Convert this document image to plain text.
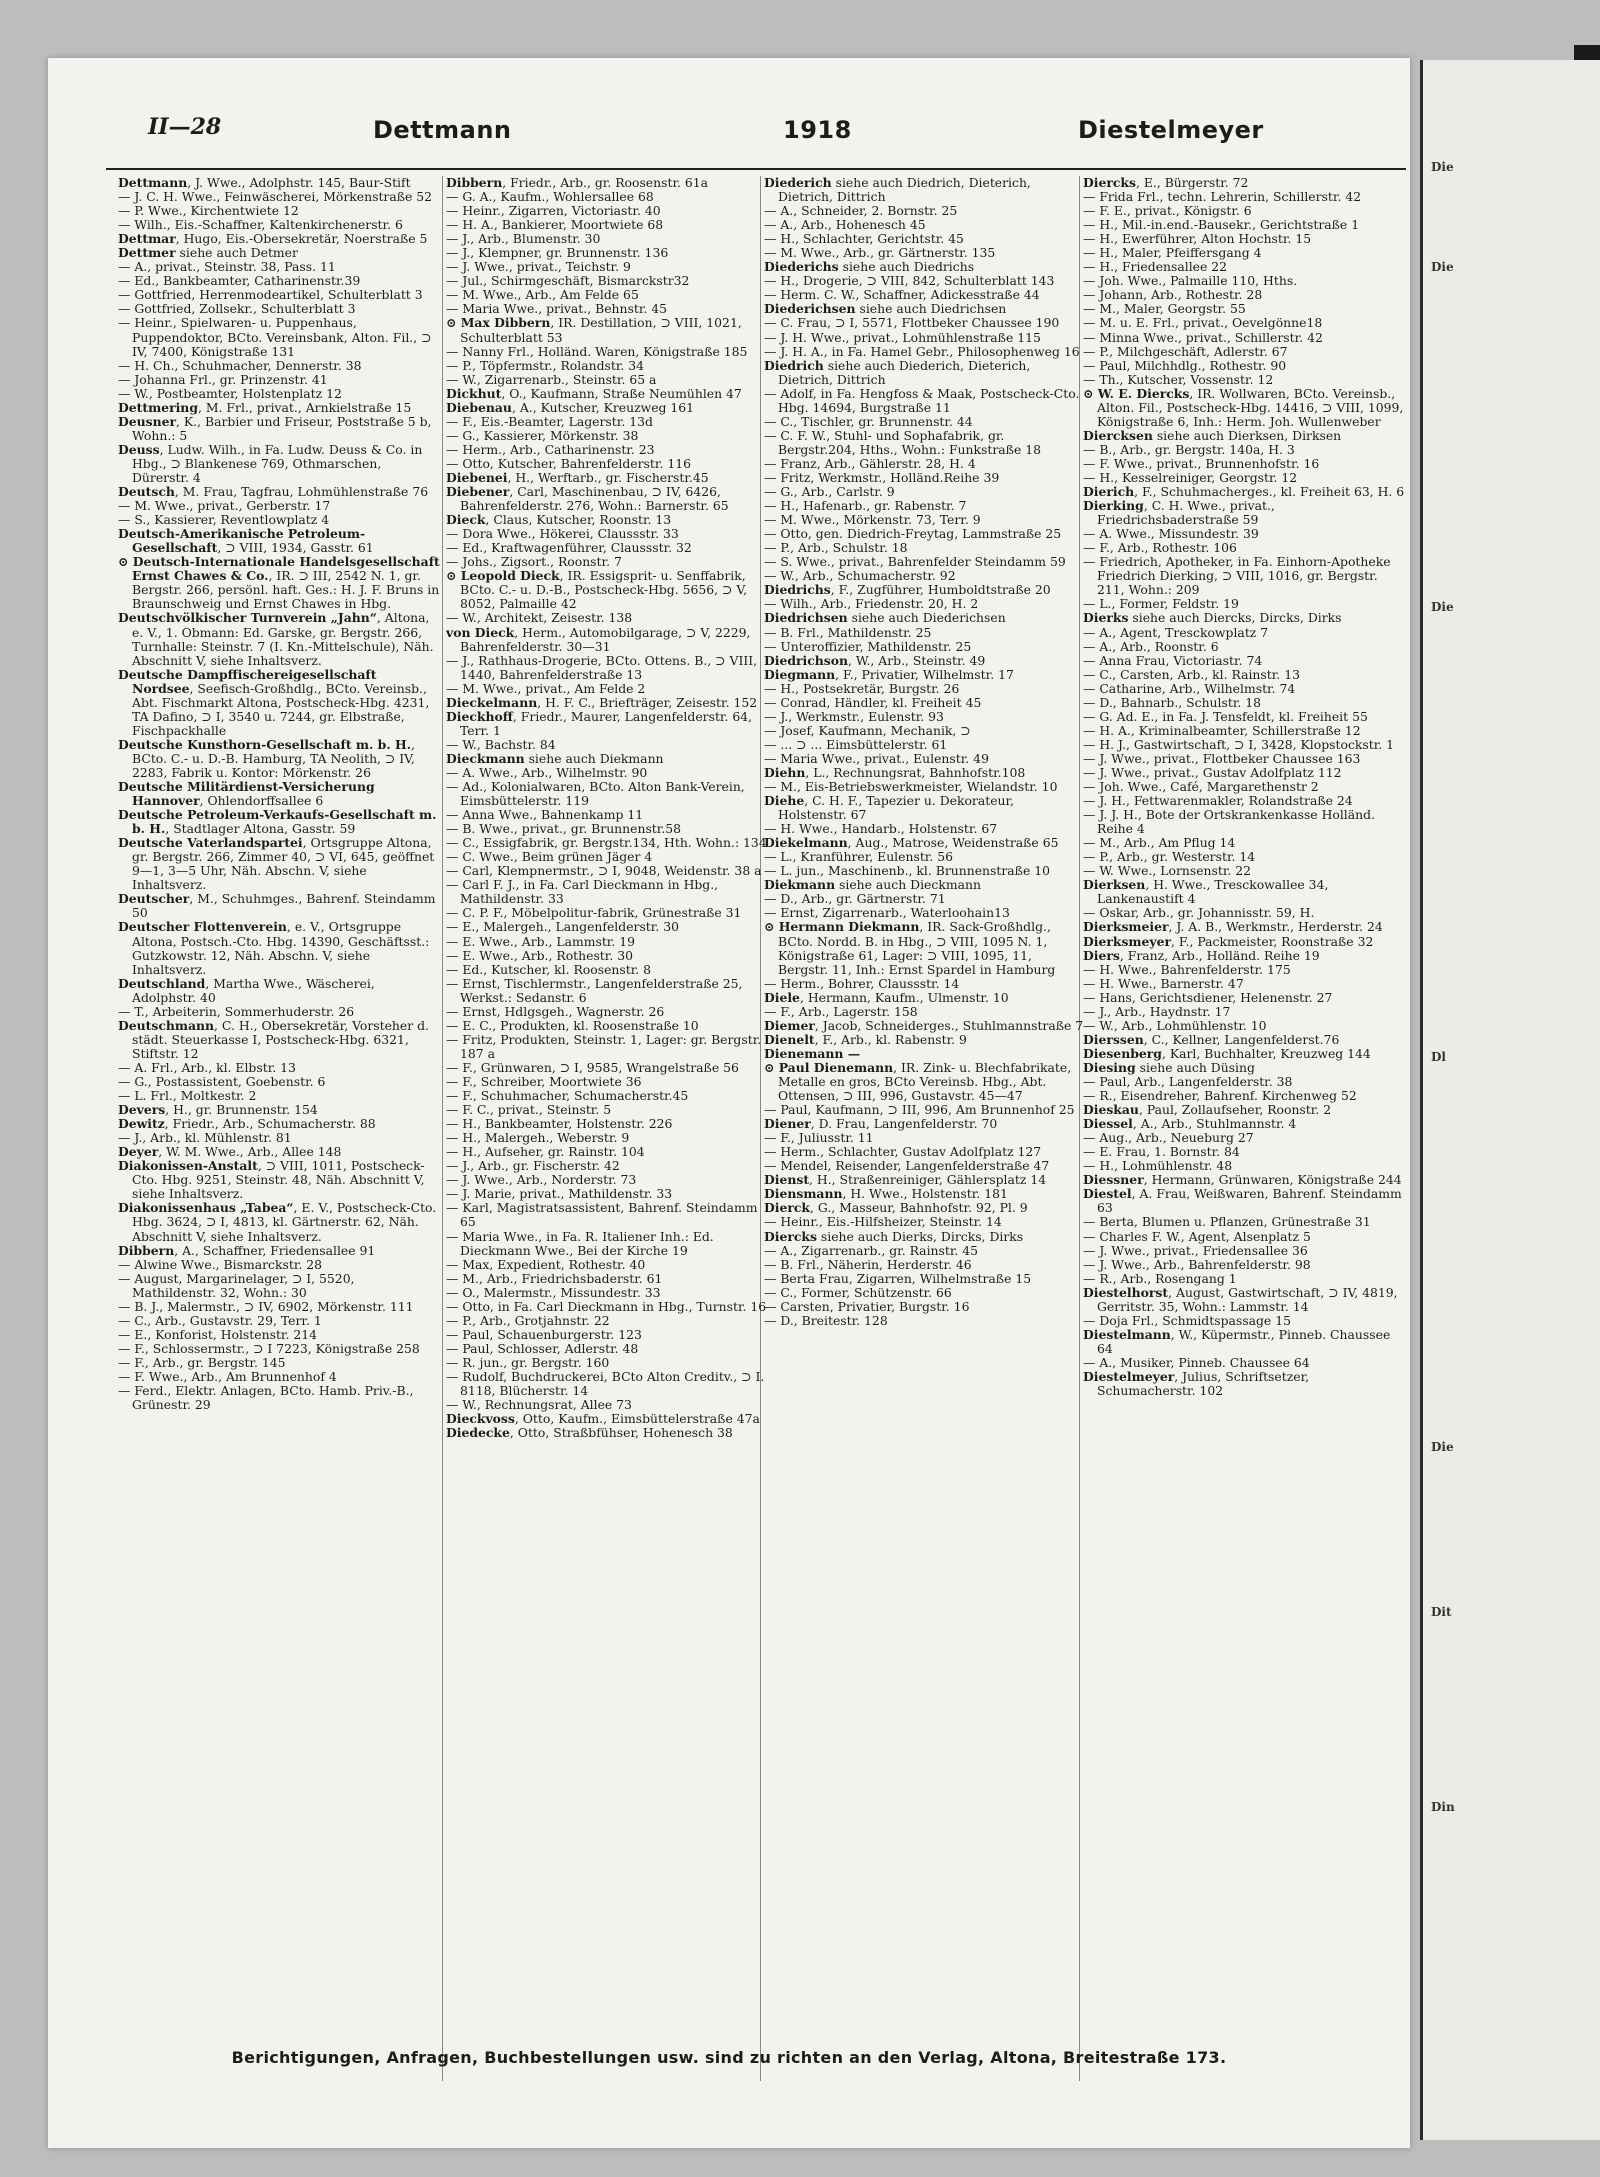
Die
Die
Die
Dl
Die
Dit
Din
II—28	Dettmann	1918	Diestelmeyer

Dettmann, J. Wwe., Adolphstr. 145, Baur-Stift

— J. C. H. Wwe., Feinwäscherei, Mörkenstraße 52

— P. Wwe., Kirchentwiete 12

— Wilh., Eis.-Schaffner, Kaltenkirchenerstr. 6

Dettmar, Hugo, Eis.-Obersekretär, Noerstraße 5

Dettmer siehe auch Detmer

— A., privat., Steinstr. 38, Pass. 11

— Ed., Bankbeamter, Catharinenstr.39

— Gottfried, Herrenmodeartikel, Schulterblatt 3

— Gottfried, Zollsekr., Schulterblatt 3

— Heinr., Spielwaren- u. Puppenhaus, Puppendoktor, BCto. Vereinsbank, Alton. Fil., ⊃ IV, 7400, Königstraße 131

— H. Ch., Schuhmacher, Dennerstr. 38

— Johanna Frl., gr. Prinzenstr. 41

— W., Postbeamter, Holstenplatz 12

Dettmering, M. Frl., privat., Arnkielstraße 15

Deusner, K., Barbier und Friseur, Poststraße 5 b, Wohn.: 5

Deuss, Ludw. Wilh., in Fa. Ludw. Deuss & Co. in Hbg., ⊃ Blankenese 769, Othmarschen, Dürerstr. 4

Deutsch, M. Frau, Tagfrau, Lohmühlenstraße 76

— M. Wwe., privat., Gerberstr. 17

— S., Kassierer, Reventlowplatz 4

Deutsch-Amerikanische Petroleum-Gesellschaft, ⊃ VIII, 1934, Gasstr. 61

⊙ Deutsch-Internationale Handelsgesellschaft Ernst Chawes & Co., IR. ⊃ III, 2542 N. 1, gr. Bergstr. 266, persönl. haft. Ges.: H. J. F. Bruns in Braunschweig und Ernst Chawes in Hbg.

Deutschvölkischer Turnverein „Jahn“, Altona, e. V., 1. Obmann: Ed. Garske, gr. Bergstr. 266, Turnhalle: Steinstr. 7 (I. Kn.-Mittelschule), Näh. Abschnitt V, siehe Inhaltsverz.

Deutsche Dampffischereigesellschaft Nordsee, Seefisch-Großhdlg., BCto. Vereinsb., Abt. Fischmarkt Altona, Postscheck-Hbg. 4231, TA Dafino, ⊃ I, 3540 u. 7244, gr. Elbstraße, Fischpackhalle

Deutsche Kunsthorn-Gesellschaft m. b. H., BCto. C.- u. D.-B. Hamburg, TA Neolith, ⊃ IV, 2283, Fabrik u. Kontor: Mörkenstr. 26

Deutsche Militärdienst-Versicherung Hannover, Ohlendorffsallee 6

Deutsche Petroleum-Verkaufs-Gesellschaft m. b. H., Stadtlager Altona, Gasstr. 59

Deutsche Vaterlandspartei, Ortsgruppe Altona, gr. Bergstr. 266, Zimmer 40, ⊃ VI, 645, geöffnet 9—1, 3—5 Uhr, Näh. Abschn. V, siehe Inhaltsverz.

Deutscher, M., Schuhmges., Bahrenf. Steindamm 50

Deutscher Flottenverein, e. V., Ortsgruppe Altona, Postsch.-Cto. Hbg. 14390, Geschäftsst.: Gutzkowstr. 12, Näh. Abschn. V, siehe Inhaltsverz.

Deutschland, Martha Wwe., Wäscherei, Adolphstr. 40

— T., Arbeiterin, Sommerhuderstr. 26

Deutschmann, C. H., Obersekretär, Vorsteher d. städt. Steuerkasse I, Postscheck-Hbg. 6321, Stiftstr. 12

— A. Frl., Arb., kl. Elbstr. 13

— G., Postassistent, Goebenstr. 6

— L. Frl., Moltkestr. 2

Devers, H., gr. Brunnenstr. 154

Dewitz, Friedr., Arb., Schumacherstr. 88

— J., Arb., kl. Mühlenstr. 81

Deyer, W. M. Wwe., Arb., Allee 148

Diakonissen-Anstalt, ⊃ VIII, 1011, Postscheck-Cto. Hbg. 9251, Steinstr. 48, Näh. Abschnitt V, siehe Inhaltsverz.

Diakonissenhaus „Tabea“, E. V., Postscheck-Cto. Hbg. 3624, ⊃ I, 4813, kl. Gärtnerstr. 62, Näh. Abschnitt V, siehe Inhaltsverz.

Dibbern, A., Schaffner, Friedensallee 91

— Alwine Wwe., Bismarckstr. 28

— August, Margarinelager, ⊃ I, 5520, Mathildenstr. 32, Wohn.: 30

— B. J., Malermstr., ⊃ IV, 6902, Mörkenstr. 111

— C., Arb., Gustavstr. 29, Terr. 1

— E., Konforist, Holstenstr. 214

— F., Schlossermstr., ⊃ I 7223, Königstraße 258

— F., Arb., gr. Bergstr. 145

— F. Wwe., Arb., Am Brunnenhof 4

— Ferd., Elektr. Anlagen, BCto. Hamb. Priv.-B., Grünestr. 29

Dibbern, Friedr., Arb., gr. Roosenstr. 61a

— G. A., Kaufm., Wohlersallee 68

— Heinr., Zigarren, Victoriastr. 40

— H. A., Bankierer, Moortwiete 68

— J., Arb., Blumenstr. 30

— J., Klempner, gr. Brunnenstr. 136

— J. Wwe., privat., Teichstr. 9

— Jul., Schirmgeschäft, Bismarckstr32

— M. Wwe., Arb., Am Felde 65

— Maria Wwe., privat., Behnstr. 45

⊙ Max Dibbern, IR. Destillation, ⊃ VIII, 1021, Schulterblatt 53

— Nanny Frl., Holländ. Waren, Königstraße 185

— P., Töpfermstr., Rolandstr. 34

— W., Zigarrenarb., Steinstr. 65 a

Dickhut, O., Kaufmann, Straße Neumühlen 47

Diebenau, A., Kutscher, Kreuzweg 161

— F., Eis.-Beamter, Lagerstr. 13d

— G., Kassierer, Mörkenstr. 38

— Herm., Arb., Catharinenstr. 23

— Otto, Kutscher, Bahrenfelderstr. 116

Diebenei, H., Werftarb., gr. Fischerstr.45

Diebener, Carl, Maschinenbau, ⊃ IV, 6426, Bahrenfelderstr. 276, Wohn.: Barnerstr. 65

Dieck, Claus, Kutscher, Roonstr. 13

— Dora Wwe., Hökerei, Claussstr. 33

— Ed., Kraftwagenführer, Claussstr. 32

— Johs., Zigsort., Roonstr. 7

⊙ Leopold Dieck, IR. Essigsprit- u. Senffabrik, BCto. C.- u. D.-B., Postscheck-Hbg. 5656, ⊃ V, 8052, Palmaille 42

— W., Architekt, Zeisestr. 138

von Dieck, Herm., Automobilgarage, ⊃ V, 2229, Bahrenfelderstr. 30—31

— J., Rathhaus-Drogerie, BCto. Ottens. B., ⊃ VIII, 1440, Bahrenfelderstraße 13

— M. Wwe., privat., Am Felde 2

Dieckelmann, H. F. C., Briefträger, Zeisestr. 152

Dieckhoff, Friedr., Maurer, Langenfelderstr. 64, Terr. 1

— W., Bachstr. 84

Dieckmann siehe auch Diekmann

— A. Wwe., Arb., Wilhelmstr. 90

— Ad., Kolonialwaren, BCto. Alton Bank-Verein, Eimsbüttelerstr. 119

— Anna Wwe., Bahnenkamp 11

— B. Wwe., privat., gr. Brunnenstr.58

— C., Essigfabrik, gr. Bergstr.134, Hth. Wohn.: 134

— C. Wwe., Beim grünen Jäger 4

— Carl, Klempnermstr., ⊃ I, 9048, Weidenstr. 38 a

— Carl F. J., in Fa. Carl Dieckmann in Hbg., Mathildenstr. 33

— C. P. F., Möbelpolitur-fabrik, Grünestraße 31

— E., Malergeh., Langenfelderstr. 30

— E. Wwe., Arb., Lammstr. 19

— E. Wwe., Arb., Rothestr. 30

— Ed., Kutscher, kl. Roosenstr. 8

— Ernst, Tischlermstr., Langenfelderstraße 25, Werkst.: Sedanstr. 6

— Ernst, Hdlgsgeh., Wagnerstr. 26

— E. C., Produkten, kl. Roosenstraße 10

— Fritz, Produkten, Steinstr. 1, Lager: gr. Bergstr. 187 a

— F., Grünwaren, ⊃ I, 9585, Wrangelstraße 56

— F., Schreiber, Moortwiete 36

— F., Schuhmacher, Schumacherstr.45

— F. C., privat., Steinstr. 5

— H., Bankbeamter, Holstenstr. 226

— H., Malergeh., Weberstr. 9

— H., Aufseher, gr. Rainstr. 104

— J., Arb., gr. Fischerstr. 42

— J. Wwe., Arb., Norderstr. 73

— J. Marie, privat., Mathildenstr. 33

— Karl, Magistratsassistent, Bahrenf. Steindamm 65

— Maria Wwe., in Fa. R. Italiener Inh.: Ed. Dieckmann Wwe., Bei der Kirche 19

— Max, Expedient, Rothestr. 40

— M., Arb., Friedrichsbaderstr. 61

— O., Malermstr., Missundestr. 33

— Otto, in Fa. Carl Dieckmann in Hbg., Turnstr. 16

— P., Arb., Grotjahnstr. 22

— Paul, Schauenburgerstr. 123

— Paul, Schlosser, Adlerstr. 48

— R. jun., gr. Bergstr. 160

— Rudolf, Buchdruckerei, BCto Alton Creditv., ⊃ I. 8118, Blücherstr. 14

— W., Rechnungsrat, Allee 73

Dieckvoss, Otto, Kaufm., Eimsbüttelerstraße 47a

Diedecke, Otto, Straßbfühser, Hohenesch 38

Diederich siehe auch Diedrich, Dieterich, Dietrich, Dittrich

— A., Schneider, 2. Bornstr. 25

— A., Arb., Hohenesch 45

— H., Schlachter, Gerichtstr. 45

— M. Wwe., Arb., gr. Gärtnerstr. 135

Diederichs siehe auch Diedrichs

— H., Drogerie, ⊃ VIII, 842, Schulterblatt 143

— Herm. C. W., Schaffner, Adickesstraße 44

Diederichsen siehe auch Diedrichsen

— C. Frau, ⊃ I, 5571, Flottbeker Chaussee 190

— J. H. Wwe., privat., Lohmühlenstraße 115

— J. H. A., in Fa. Hamel Gebr., Philosophenweg 16

Diedrich siehe auch Diederich, Dieterich, Dietrich, Dittrich

— Adolf, in Fa. Hengfoss & Maak, Postscheck-Cto. Hbg. 14694, Burgstraße 11

— C., Tischler, gr. Brunnenstr. 44

— C. F. W., Stuhl- und Sophafabrik, gr. Bergstr.204, Hths., Wohn.: Funkstraße 18

— Franz, Arb., Gählerstr. 28, H. 4

— Fritz, Werkmstr., Holländ.Reihe 39

— G., Arb., Carlstr. 9

— H., Hafenarb., gr. Rabenstr. 7

— M. Wwe., Mörkenstr. 73, Terr. 9

— Otto, gen. Diedrich-Freytag, Lammstraße 25

— P., Arb., Schulstr. 18

— S. Wwe., privat., Bahrenfelder Steindamm 59

— W., Arb., Schumacherstr. 92

Diedrichs, F., Zugführer, Humboldtstraße 20

— Wilh., Arb., Friedenstr. 20, H. 2

Diedrichsen siehe auch Diederichsen

— B. Frl., Mathildenstr. 25

— Unteroffizier, Mathildenstr. 25

Diedrichson, W., Arb., Steinstr. 49

Diegmann, F., Privatier, Wilhelmstr. 17

— H., Postsekretär, Burgstr. 26

— Conrad, Händler, kl. Freiheit 45

— J., Werkmstr., Eulenstr. 93

— Josef, Kaufmann, Mechanik, ⊃

— ... ⊃ ... Eimsbüttelerstr. 61

— Maria Wwe., privat., Eulenstr. 49

Diehn, L., Rechnungsrat, Bahnhofstr.108

— M., Eis-Betriebswerkmeister, Wielandstr. 10

Diehe, C. H. F., Tapezier u. Dekorateur, Holstenstr. 67

— H. Wwe., Handarb., Holstenstr. 67

Diekelmann, Aug., Matrose, Weidenstraße 65

— L., Kranführer, Eulenstr. 56

— L. jun., Maschinenb., kl. Brunnenstraße 10

Diekmann siehe auch Dieckmann

— D., Arb., gr. Gärtnerstr. 71

— Ernst, Zigarrenarb., Waterloohain13

⊙ Hermann Diekmann, IR. Sack-Großhdlg., BCto. Nordd. B. in Hbg., ⊃ VIII, 1095 N. 1, Königstraße 61, Lager: ⊃ VIII, 1095, 11, Bergstr. 11, Inh.: Ernst Spardel in Hamburg

— Herm., Bohrer, Claussstr. 14

Diele, Hermann, Kaufm., Ulmenstr. 10

— F., Arb., Lagerstr. 158

Diemer, Jacob, Schneiderges., Stuhlmannstraße 7

Dienelt, F., Arb., kl. Rabenstr. 9

Dienemann —

⊙ Paul Dienemann, IR. Zink- u. Blechfabrikate, Metalle en gros, BCto Vereinsb. Hbg., Abt. Ottensen, ⊃ III, 996, Gustavstr. 45—47

— Paul, Kaufmann, ⊃ III, 996, Am Brunnenhof 25

Diener, D. Frau, Langenfelderstr. 70

— F., Juliusstr. 11

— Herm., Schlachter, Gustav Adolfplatz 127

— Mendel, Reisender, Langenfelderstraße 47

Dienst, H., Straßenreiniger, Gählersplatz 14

Diensmann, H. Wwe., Holstenstr. 181

Dierck, G., Masseur, Bahnhofstr. 92, Pl. 9

— Heinr., Eis.-Hilfsheizer, Steinstr. 14

Diercks siehe auch Dierks, Dircks, Dirks

— A., Zigarrenarb., gr. Rainstr. 45

— B. Frl., Näherin, Herderstr. 46

— Berta Frau, Zigarren, Wilhelmstraße 15

— C., Former, Schützenstr. 66

— Carsten, Privatier, Burgstr. 16

— D., Breitestr. 128

Diercks, E., Bürgerstr. 72

— Frida Frl., techn. Lehrerin, Schillerstr. 42

— F. E., privat., Königstr. 6

— H., Mil.-in.end.-Bausekr., Gerichtstraße 1

— H., Ewerführer, Alton Hochstr. 15

— H., Maler, Pfeiffersgang 4

— H., Friedensallee 22

— Joh. Wwe., Palmaille 110, Hths.

— Johann, Arb., Rothestr. 28

— M., Maler, Georgstr. 55

— M. u. E. Frl., privat., Oevelgönne18

— Minna Wwe., privat., Schillerstr. 42

— P., Milchgeschäft, Adlerstr. 67

— Paul, Milchhdlg., Rothestr. 90

— Th., Kutscher, Vossenstr. 12

⊙ W. E. Diercks, IR. Wollwaren, BCto. Vereinsb., Alton. Fil., Postscheck-Hbg. 14416, ⊃ VIII, 1099, Königstraße 6, Inh.: Herm. Joh. Wullenweber

Diercksen siehe auch Dierksen, Dirksen

— B., Arb., gr. Bergstr. 140a, H. 3

— F. Wwe., privat., Brunnenhofstr. 16

— H., Kesselreiniger, Georgstr. 12

Dierich, F., Schuhmacherges., kl. Freiheit 63, H. 6

Dierking, C. H. Wwe., privat., Friedrichsbaderstraße 59

— A. Wwe., Missundestr. 39

— F., Arb., Rothestr. 106

— Friedrich, Apotheker, in Fa. Einhorn-Apotheke Friedrich Dierking, ⊃ VIII, 1016, gr. Bergstr. 211, Wohn.: 209

— L., Former, Feldstr. 19

Dierks siehe auch Diercks, Dircks, Dirks

— A., Agent, Tresckowplatz 7

— A., Arb., Roonstr. 6

— Anna Frau, Victoriastr. 74

— C., Carsten, Arb., kl. Rainstr. 13

— Catharine, Arb., Wilhelmstr. 74

— D., Bahnarb., Schulstr. 18

— G. Ad. E., in Fa. J. Tensfeldt, kl. Freiheit 55

— H. A., Kriminalbeamter, Schillerstraße 12

— H. J., Gastwirtschaft, ⊃ I, 3428, Klopstockstr. 1

— J. Wwe., privat., Flottbeker Chaussee 163

— J. Wwe., privat., Gustav Adolfplatz 112

— Joh. Wwe., Café, Margarethenstr 2

— J. H., Fettwarenmakler, Rolandstraße 24

— J. J. H., Bote der Ortskrankenkasse Holländ. Reihe 4

— M., Arb., Am Pflug 14

— P., Arb., gr. Westerstr. 14

— W. Wwe., Lornsenstr. 22

Dierksen, H. Wwe., Tresckowallee 34, Lankenaustift 4

— Oskar, Arb., gr. Johannisstr. 59, H.

Dierksmeier, J. A. B., Werkmstr., Herderstr. 24

Dierksmeyer, F., Packmeister, Roonstraße 32

Diers, Franz, Arb., Holländ. Reihe 19

— H. Wwe., Bahrenfelderstr. 175

— H. Wwe., Barnerstr. 47

— Hans, Gerichtsdiener, Helenenstr. 27

— J., Arb., Haydnstr. 17

— W., Arb., Lohmühlenstr. 10

Dierssen, C., Kellner, Langenfelderst.76

Diesenberg, Karl, Buchhalter, Kreuzweg 144

Diesing siehe auch Düsing

— Paul, Arb., Langenfelderstr. 38

— R., Eisendreher, Bahrenf. Kirchenweg 52

Dieskau, Paul, Zollaufseher, Roonstr. 2

Diessel, A., Arb., Stuhlmannstr. 4

— Aug., Arb., Neueburg 27

— E. Frau, 1. Bornstr. 84

— H., Lohmühlenstr. 48

Diessner, Hermann, Grünwaren, Königstraße 244

Diestel, A. Frau, Weißwaren, Bahrenf. Steindamm 63

— Berta, Blumen u. Pflanzen, Grünestraße 31

— Charles F. W., Agent, Alsenplatz 5

— J. Wwe., privat., Friedensallee 36

— J. Wwe., Arb., Bahrenfelderstr. 98

— R., Arb., Rosengang 1

Diestelhorst, August, Gastwirtschaft, ⊃ IV, 4819, Gerritstr. 35, Wohn.: Lammstr. 14

— Doja Frl., Schmidtspassage 15

Diestelmann, W., Küpermstr., Pinneb. Chaussee 64

— A., Musiker, Pinneb. Chaussee 64

Diestelmeyer, Julius, Schriftsetzer, Schumacherstr. 102

Berichtigungen, Anfragen, Buchbestellungen usw. sind zu richten an den Verlag, Altona, Breitestraße 173.
